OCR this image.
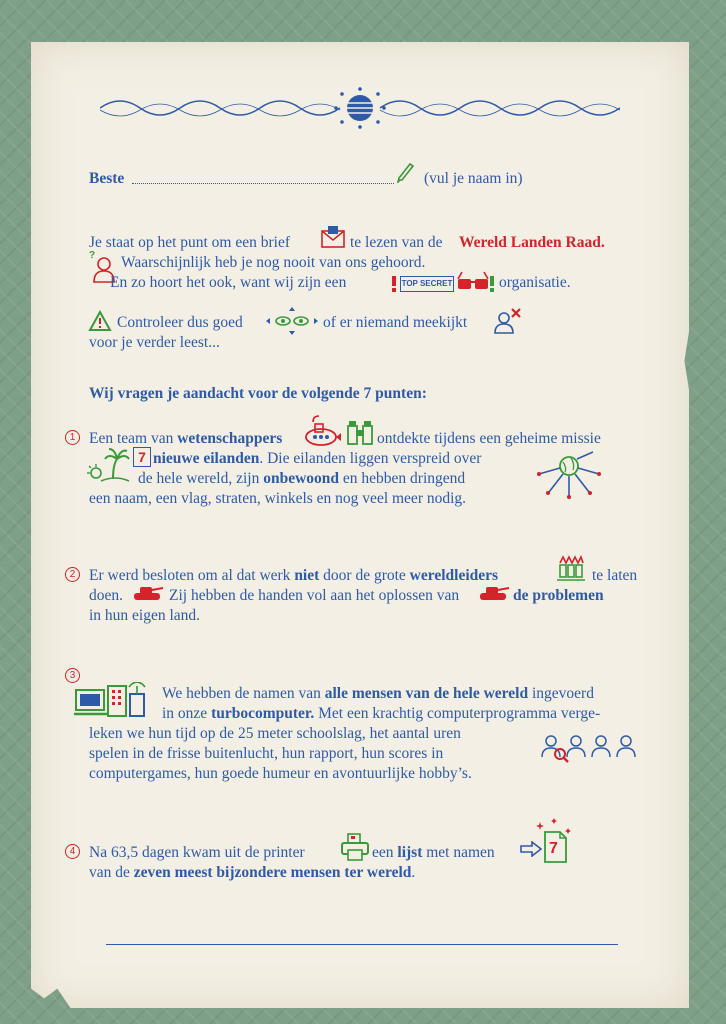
Beste	(vul je naam in)
Je staat op het punt om een brief	te lezen van de Wereld Landen Raad.
? Waarschijnlijk heb je nog nooit van ons gehoord.
En zo hoort het ook, want wij zijn een	TOP SECRET	organisatie.
Controleer dus goed	of er niemand meekijkt
voor je verder leest...
Wij vragen je aandacht voor de volgende 7 punten:
1 Een team van wetenschappers	ontdekte tijdens een geheime missie
7 nieuwe eilanden. Die eilanden liggen verspreid over
de hele wereld, zijn onbewoond en hebben dringend
een naam, een vlag, straten, winkels en nog veel meer nodig.
2 Er werd besloten om al dat werk niet door de grote wereldleiders	te laten
doen.	Zij hebben de handen vol aan het oplossen van	de problemen
in hun eigen land.
3
We hebben de namen van alle mensen van de hele wereld ingevoerd
in onze turbocomputer. Met een krachtig computerprogramma verge-
leken we hun tijd op de 25 meter schoolslag, het aantal uren
spelen in de frisse buitenlucht, hun rapport, hun scores in
computergames, hun goede humeur en avontuurlijke hobby’s.
4 Na 63,5 dagen kwam uit de printer	een lijst met namen	7
van de zeven meest bijzondere mensen ter wereld.
